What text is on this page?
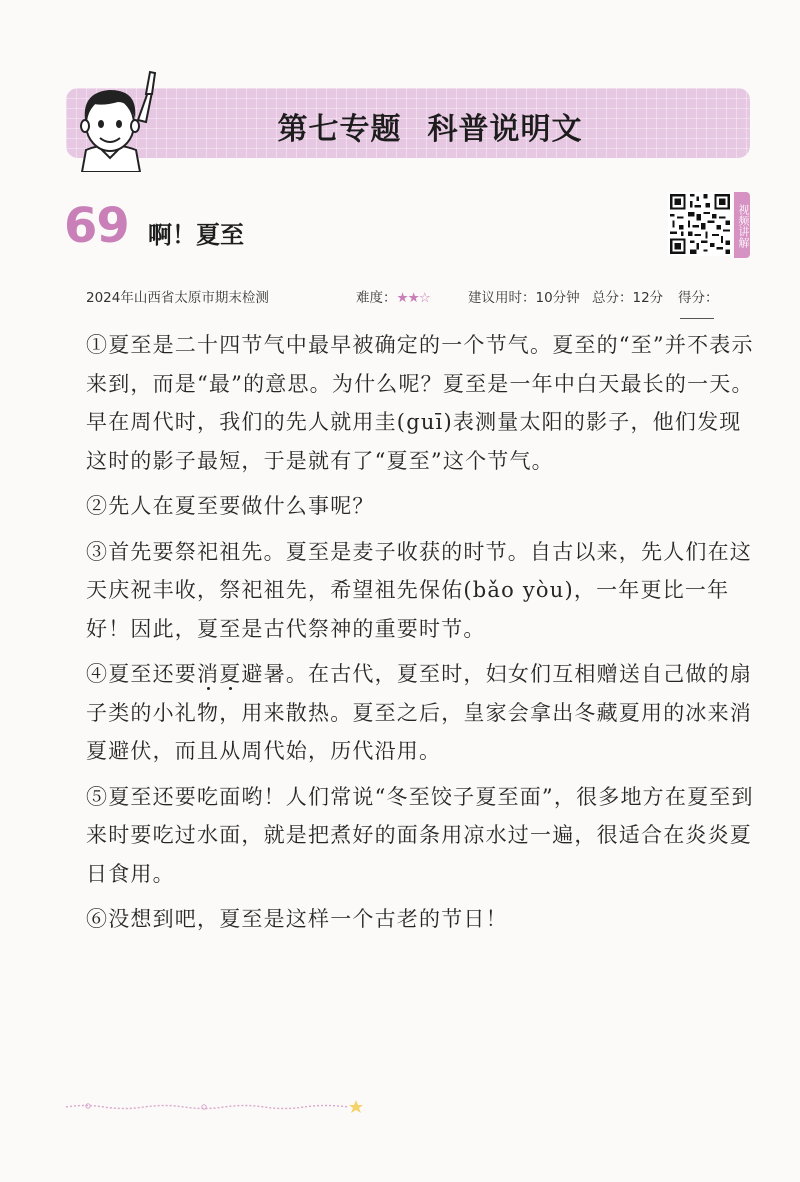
第七专题 科普说明文
69 啊！夏至	视频讲解
2024年山西省太原市期末检测	难度：★★☆	建议用时：10分钟 总分：12分 得分：

①夏至是二十四节气中最早被确定的一个节气。夏至的“至”并不表示来到，而是“最”的意思。为什么呢？夏至是一年中白天最长的一天。早在周代时，我们的先人就用圭(guī)表测量太阳的影子，他们发现这时的影子最短，于是就有了“夏至”这个节气。

②先人在夏至要做什么事呢？

③首先要祭祀祖先。夏至是麦子收获的时节。自古以来，先人们在这天庆祝丰收，祭祀祖先，希望祖先保佑(bǎo yòu)，一年更比一年好！因此，夏至是古代祭神的重要时节。

④夏至还要消夏避暑。在古代，夏至时，妇女们互相赠送自己做的扇子类的小礼物，用来散热。夏至之后，皇家会拿出冬藏夏用的冰来消夏避伏，而且从周代始，历代沿用。

⑤夏至还要吃面哟！人们常说“冬至饺子夏至面”，很多地方在夏至到来时要吃过水面，就是把煮好的面条用凉水过一遍，很适合在炎炎夏日食用。

⑥没想到吧，夏至是这样一个古老的节日！
